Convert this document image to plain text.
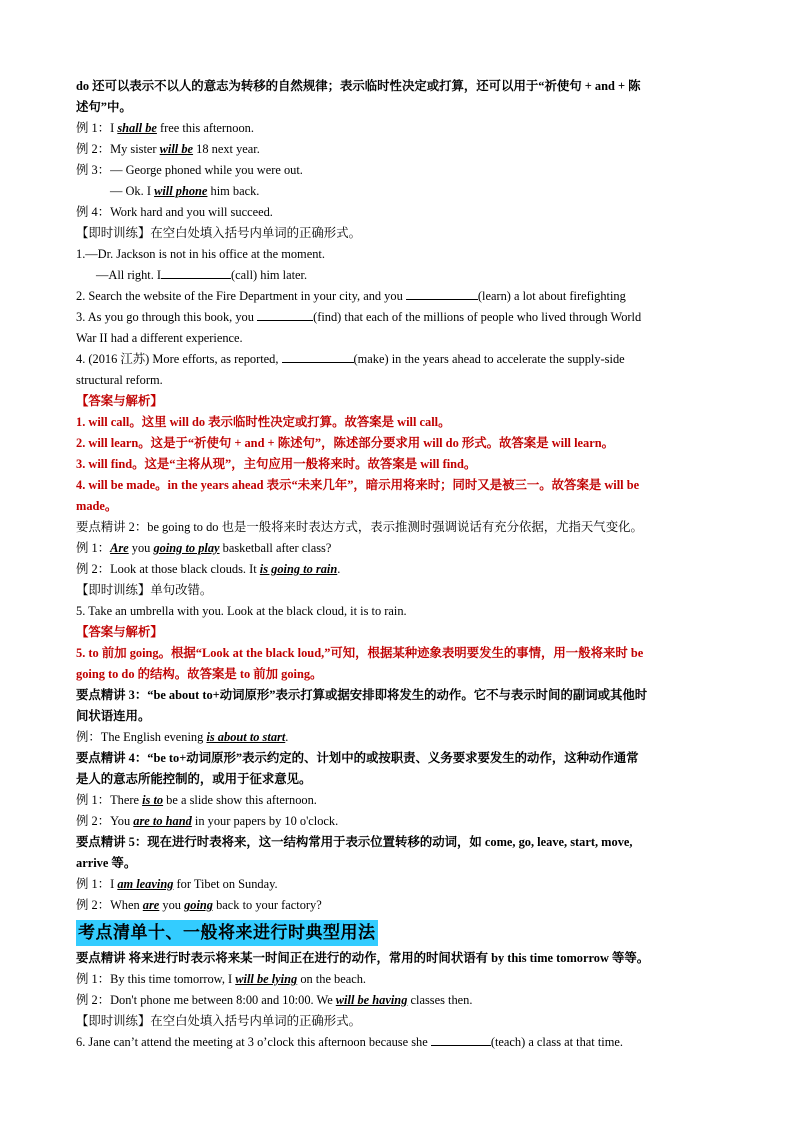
do 还可以表示不以人的意志为转移的自然规律；表示临时性决定或打算，还可以用于“祈使句 + and + 陈
述句”中。
例 1：I shall be free this afternoon.
例 2：My sister will be 18 next year.
例 3：— George phoned while you were out.
— Ok. I will phone him back.
例 4：Work hard and you will succeed.
【即时训练】在空白处填入括号内单词的正确形式。
1.—Dr. Jackson is not in his office at the moment.
—All right. I	(call) him later.
2. Search the website of the Fire Department in your city, and you	(learn) a lot about firefighting
3. As you go through this book, you	(find) that each of the millions of people who lived through World
War II had a different experience.
4. (2016 江苏) More efforts, as reported,	(make) in the years ahead to accelerate the supply-side
structural reform.
【答案与解析】
1. will call。这里 will do 表示临时性决定或打算。故答案是 will call。
2. will learn。这是于“祈使句 + and + 陈述句”，陈述部分要求用 will do 形式。故答案是 will learn。
3. will find。这是“主将从现”，主句应用一般将来时。故答案是 will find。
4. will be made。in the years ahead 表示“未来几年”，暗示用将来时；同时又是被三一。故答案是 will be
made。
要点精讲 2：be going to do 也是一般将来时表达方式，表示推测时强调说话有充分依据，尤指天气变化。
例 1：Are you going to play basketball after class?
例 2：Look at those black clouds. It is going to rain.
【即时训练】单句改错。
5. Take an umbrella with you. Look at the black cloud, it is to rain.
【答案与解析】
5. to 前加 going。根据“Look at the black loud,”可知，根据某种迹象表明要发生的事情，用一般将来时 be
going to do 的结构。故答案是 to 前加 going。
要点精讲 3：“be about to+动词原形”表示打算或据安排即将发生的动作。它不与表示时间的副词或其他时
间状语连用。
例：The English evening is about to start.
要点精讲 4：“be to+动词原形”表示约定的、计划中的或按职责、义务要求要发生的动作，这种动作通常
是人的意志所能控制的，或用于征求意见。
例 1：There is to be a slide show this afternoon.
例 2：You are to hand in your papers by 10 o'clock.
要点精讲 5：现在进行时表将来，这一结构常用于表示位置转移的动词，如 come, go, leave, start, move,
arrive 等。
例 1：I am leaving for Tibet on Sunday.
例 2：When are you going back to your factory?
考点清单十、一般将来进行时典型用法
要点精讲 将来进行时表示将来某一时间正在进行的动作，常用的时间状语有 by this time tomorrow 等等。
例 1：By this time tomorrow, I will be lying on the beach.
例 2：Don't phone me between 8:00 and 10:00. We will be having classes then.
【即时训练】在空白处填入括号内单词的正确形式。
6. Jane can’t attend the meeting at 3 o’clock this afternoon because she	(teach) a class at that time.
